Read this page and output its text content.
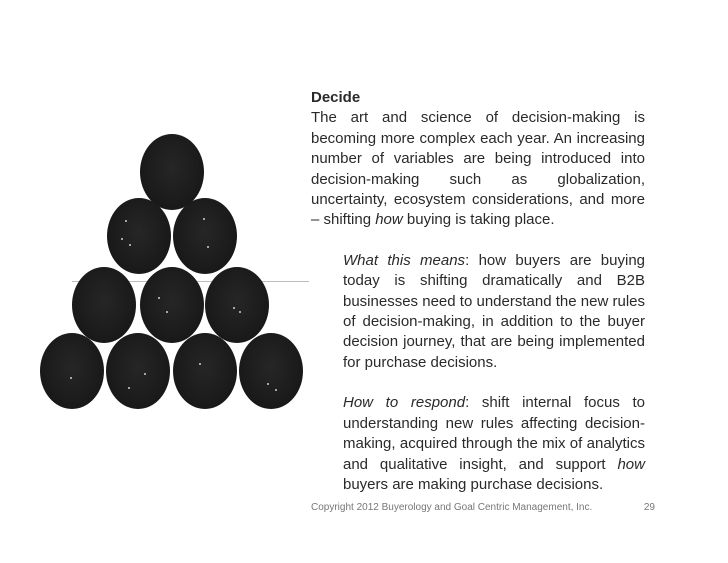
Decide

The art and science of decision-making is becoming more complex each year. An increasing number of variables are being introduced into decision-making such as globalization, uncertainty, ecosystem considerations, and more – shifting how buying is taking place.

What this means: how buyers are buying today is shifting dramatically and B2B businesses need to understand the new rules of decision-making, in addition to the buyer decision journey, that are being implemented for purchase decisions.

How to respond: shift internal focus to understanding new rules affecting decision-making, acquired through the mix of analytics and qualitative insight, and support how buyers are making purchase decisions.

Copyright 2012 Buyerology and Goal Centric Management, Inc.	29
